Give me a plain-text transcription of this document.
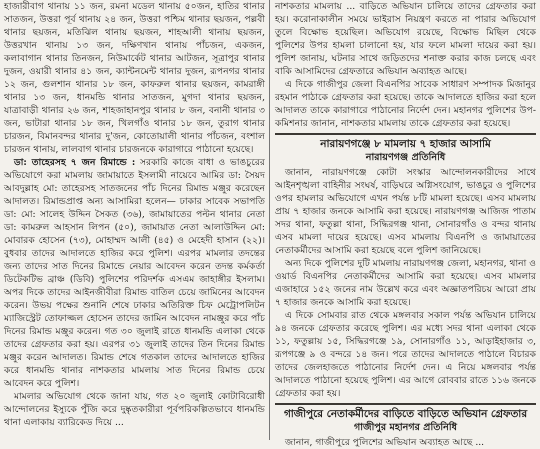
হাজারীবাগ থানায় ১১ জন, রমনা মডেল থানায় ৫০জন, হাতির থানার সাতজন, উত্তরা পূর্ব থানায় ২৪ জন, উত্তরা পশ্চিম থানার ছয়জন, পল্লবী থানার ছয়জন, মতিঝিল থানায় ছয়জন, শাহআলী থানায় ছয়জন, উত্তরখান থানায় ১৩ জন, দক্ষিণখান থানায় পাঁচজন, একজন, কলাবাগান থানার তিনজন, নিউমার্কেট থানার আটজন, সূত্রাপুর থানার দুজন, ওয়ারী থানার ৪১ জন, ক্যান্টনমেন্ট থানার দুজন, রূপনগর থানার ১২ জন, গুলশান থানার ১৮ জন, কাফরুল থানার ছয়জন, কামরাঙ্গী থানার ১৩ জন, ধানমন্ডি থানার সাতজন, মুগদা থানার ছয়জন, যাত্রাবাড়ী থানার ২৬ জন, শাহজাহানপুর থানার ৮ জন, বনানী থানার ৩ জন, ভাটারা থানার ১৮ জন, খিলগাঁও থানার ১৮ জন, তুরাগ থানার চারজন, বিমানবন্দর থানার দু'জন, কোতোয়ালী থানার পাঁচজন, বংশাল চারজন থানায়, লালবাগ থানার চারজনকে কারাগারে পাঠানো হয়েছে।

ডা: তাহেরসহ ৭ জন রিমান্ডে : সরকারি কাজে বাধা ও ভাঙচুরের অভিযোগে করা মামলায় জামায়াতে ইসলামী নায়েবে আমির ডা: সৈয়দ আবদুল্লাহ মো: তাহেরসহ সাতজনের পাঁচ দিনের রিমান্ড মঞ্জুর করেছেন আদালত। রিমান্ডপ্রাপ্ত অন্য আসামিরা হলেন— ঢাকার সাবেক সভাপতি ডা: মো: সালেহ উদ্দিন সৈকত (৩৬), জামায়াতের পল্টন থানার নেতা ডা: কামরুল আহসান লিপন (৫০), জামায়াত নেতা আলাউদ্দিন মো: মোবারক হোসেন (৭৩), মোহাম্মদ আলী (৪৫) ও মেহেদী হাসান (২২)। বুধবার তাদের আদালতে হাজির করে পুলিশ। এরপর মামলার তদন্তের জন্য তাদের সাত দিনের রিমান্ডে নেয়ার আবেদন করেন তদন্ত কর্মকর্তা ডিটেকটিভ ব্রাঞ্চ (ডিবি) পুলিশের পরিদর্শক এসএম জাহাঙ্গীর ইসলাম। অপর দিকে তাদের আইনজীবীরা রিমান্ড বাতিল চেয়ে জামিনের আবেদন করেন। উভয় পক্ষের শুনানি শেষে ঢাকার অতিরিক্ত চিফ মেট্রোপলিটন ম্যাজিস্ট্রেট তোফাজ্জল হোসেন তাদের জামিন আবেদন নামঞ্জুর করে পাঁচ দিনের রিমান্ড মঞ্জুর করেন। গত ৩০ জুলাই রাতে ধানমন্ডি এলাকা থেকে তাদের গ্রেফতার করা হয়। এরপর ৩১ জুলাই তাদের তিন দিনের রিমান্ড মঞ্জুর করেন আদালত। রিমান্ড শেষে গতকাল তাদের আদালতে হাজির করে ধানমন্ডি থানার নাশকতার মামলায় সাত দিনের রিমান্ড চেয়ে আবেদন করে পুলিশ।

মামলার অভিযোগ থেকে জানা যায়, গত ২০ জুলাই কোটাবিরোধী আন্দোলনের ইস্যুকে পুঁজি করে দুষ্কৃতকারীরা পূর্বপরিকল্পিতভাবে ধানমন্ডি থানা এলাকায় ব্যারিকেড দিয়ে ...

নাশকতার মামলায় ... বাড়িতে অভিযান চালিয়ে তাদের গ্রেফতার করা হয়। করোনাকালীন সময়ে ভাইরাস নিয়ন্ত্রণ করতে না পারার অভিযোগ তুলে বিক্ষোভ হয়েছিল। অভিযোগ রয়েছে, বিক্ষোভ মিছিল থেকে পুলিশের উপর হামলা চালানো হয়, যার ফলে মামলা দায়ের করা হয়। পুলিশ জানায়, ঘটনার সাথে জড়িতদের শনাক্ত করার কাজ চলছে এবং বাকি আসামিদের গ্রেফতারে অভিযান অব্যাহত আছে।

এ দিকে গাজীপুর জেলা বিএনপির সাবেক সাধারণ সম্পাদক মিজানুর রহমান পাঠাকে গ্রেফতার করা হয়েছে। তাকে আদালতে হাজির করা হলে আদালত তাকে কারাগারে পাঠানোর নির্দেশ দেন। মহানগর পুলিশের উপ-কমিশনার জানান, নাশকতার মামলায় তাকে গ্রেফতার করা হয়েছে।

নারায়ণগঞ্জে ৮ মামলায় ৭ হাজার আসামি
নারায়ণগঞ্জ প্রতিনিধি

জানান, নারায়ণগঞ্জে কোটা সংস্কার আন্দোলনকারীদের সাথে আইনশৃঙ্খলা বাহিনীর সংঘর্ষ, বাড়িঘরে অগ্নিসংযোগ, ভাঙচুর ও পুলিশের ওপর হামলার অভিযোগে এখন পর্যন্ত ৮টি মামলা হয়েছে। এসব মামলায় প্রায় ৭ হাজার জনকে আসামি করা হয়েছে। নারায়ণগঞ্জ আজিজ পাতাম সদর থানা, ফতুল্লা থানা, সিদ্ধিরগঞ্জ থানা, সোনারগাঁও ও বন্দর থানায় এসব মামলা দায়ের হয়েছে। এসব মামলায় বিএনপি ও জামায়াতের নেতাকর্মীদের আসামি করা হয়েছে বলে পুলিশ জানিয়েছে।

অন্য দিকে পুলিশের দুটি মামলায় নারায়ণগঞ্জ জেলা, মহানগর, থানা ও ওয়ার্ড বিএনপির নেতাকর্মীদের আসামি করা হয়েছে। এসব মামলার এজাহারে ১৫২ জনের নাম উল্লেখ করে এবং অজ্ঞাতপরিচয় আরো প্রায় ৭ হাজার জনকে আসামি করা হয়েছে।

এ দিকে সোমবার রাত থেকে মঙ্গলবার সকাল পর্যন্ত অভিযান চালিয়ে ৯৪ জনকে গ্রেফতার করেছে পুলিশ। এর মধ্যে সদর থানা এলাকা থেকে ১১, ফতুল্লায় ১৫, সিদ্ধিরগঞ্জে ১৯, সোনারগাঁও ১১, আড়াইহাজার ৩, রূপগঞ্জে ৯ ও বন্দরে ১৪ জন। পরে তাদের আদালতে পাঠালে বিচারক তাদের জেলহাজতে পাঠানোর নির্দেশ দেন। এ নিয়ে মঙ্গলবার পর্যন্ত আদালতে পাঠানো হয়েছে পুলিশ। এর আগে রোববার রাতে ১১৬ জনকে গ্রেফতার করা হয়।

গাজীপুরে নেতাকর্মীদের বাড়িতে বাড়িতে অভিযান গ্রেফতার
গাজীপুর মহানগর প্রতিনিধি

জানান, গাজীপুরে পুলিশের অভিযান অব্যাহত আছে ...
